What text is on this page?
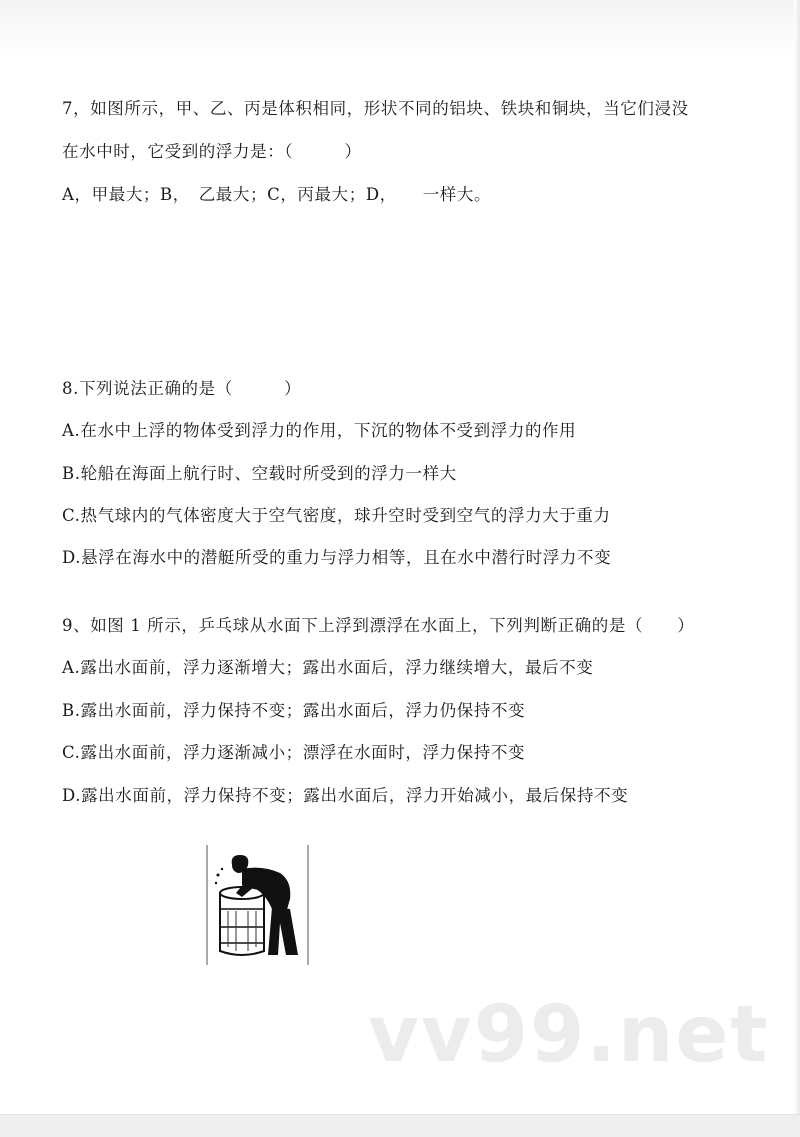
7，如图所示，甲、乙、丙是体积相同，形状不同的铝块、铁块和铜块，当它们浸没
在水中时，它受到的浮力是：（　　　）
A，甲最大；B，　乙最大；C，丙最大；D，　　一样大。
8.下列说法正确的是（　　　）
A.在水中上浮的物体受到浮力的作用，下沉的物体不受到浮力的作用
B.轮船在海面上航行时、空载时所受到的浮力一样大
C.热气球内的气体密度大于空气密度，球升空时受到空气的浮力大于重力
D.悬浮在海水中的潜艇所受的重力与浮力相等，且在水中潜行时浮力不变
9、如图 1 所示，乒乓球从水面下上浮到漂浮在水面上，下列判断正确的是（　　）
A.露出水面前，浮力逐渐增大；露出水面后，浮力继续增大，最后不变
B.露出水面前，浮力保持不变；露出水面后，浮力仍保持不变
C.露出水面前，浮力逐渐减小；漂浮在水面时，浮力保持不变
D.露出水面前，浮力保持不变；露出水面后，浮力开始减小，最后保持不变
vv99.net
